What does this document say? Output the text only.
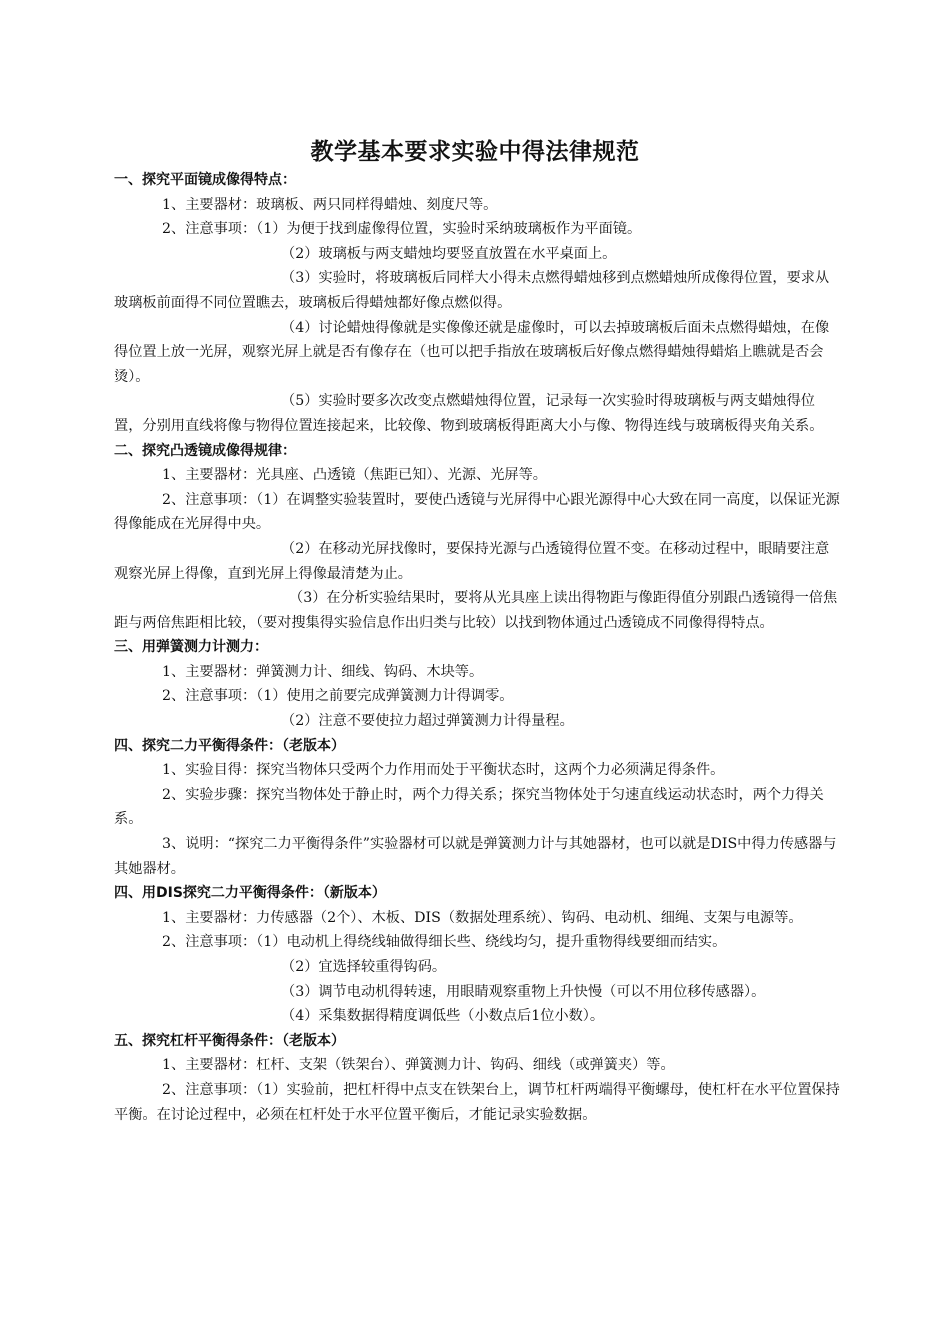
教学基本要求实验中得法律规范

一、探究平面镜成像得特点：

1、主要器材：玻璃板、两只同样得蜡烛、刻度尺等。

2、注意事项：（1）为便于找到虚像得位置，实验时采纳玻璃板作为平面镜。

（2）玻璃板与两支蜡烛均要竖直放置在水平桌面上。

（3）实验时，将玻璃板后同样大小得未点燃得蜡烛移到点燃蜡烛所成像得位置，要求从玻璃板前面得不同位置瞧去，玻璃板后得蜡烛都好像点燃似得。

（4）讨论蜡烛得像就是实像像还就是虚像时，可以去掉玻璃板后面未点燃得蜡烛，在像得位置上放一光屏，观察光屏上就是否有像存在（也可以把手指放在玻璃板后好像点燃得蜡烛得蜡焰上瞧就是否会烫）。

（5）实验时要多次改变点燃蜡烛得位置，记录每一次实验时得玻璃板与两支蜡烛得位置，分别用直线将像与物得位置连接起来，比较像、物到玻璃板得距离大小与像、物得连线与玻璃板得夹角关系。

二、探究凸透镜成像得规律：

1、主要器材：光具座、凸透镜（焦距已知）、光源、光屏等。

2、注意事项：（1）在调整实验装置时，要使凸透镜与光屏得中心跟光源得中心大致在同一高度，以保证光源得像能成在光屏得中央。

（2）在移动光屏找像时，要保持光源与凸透镜得位置不变。在移动过程中，眼睛要注意观察光屏上得像，直到光屏上得像最清楚为止。

（3）在分析实验结果时，要将从光具座上读出得物距与像距得值分别跟凸透镜得一倍焦距与两倍焦距相比较，（要对搜集得实验信息作出归类与比较）以找到物体通过凸透镜成不同像得得特点。

三、用弹簧测力计测力：

1、主要器材：弹簧测力计、细线、钩码、木块等。

2、注意事项：（1）使用之前要完成弹簧测力计得调零。

（2）注意不要使拉力超过弹簧测力计得量程。

四、探究二力平衡得条件：（老版本）

1、实验目得：探究当物体只受两个力作用而处于平衡状态时，这两个力必须满足得条件。

2、实验步骤：探究当物体处于静止时，两个力得关系；探究当物体处于匀速直线运动状态时，两个力得关系。

3、说明：“探究二力平衡得条件”实验器材可以就是弹簧测力计与其她器材，也可以就是DIS中得力传感器与其她器材。

四、用DIS探究二力平衡得条件：（新版本）

1、主要器材：力传感器（2个）、木板、DIS（数据处理系统）、钩码、电动机、细绳、支架与电源等。

2、注意事项：（1）电动机上得绕线轴做得细长些、绕线均匀，提升重物得线要细而结实。

（2）宜选择较重得钩码。

（3）调节电动机得转速，用眼睛观察重物上升快慢（可以不用位移传感器）。

（4）采集数据得精度调低些（小数点后1位小数）。

五、探究杠杆平衡得条件：（老版本）

1、主要器材：杠杆、支架（铁架台）、弹簧测力计、钩码、细线（或弹簧夹）等。

2、注意事项：（1）实验前，把杠杆得中点支在铁架台上，调节杠杆两端得平衡螺母，使杠杆在水平位置保持平衡。在讨论过程中，必须在杠杆处于水平位置平衡后，才能记录实验数据。
